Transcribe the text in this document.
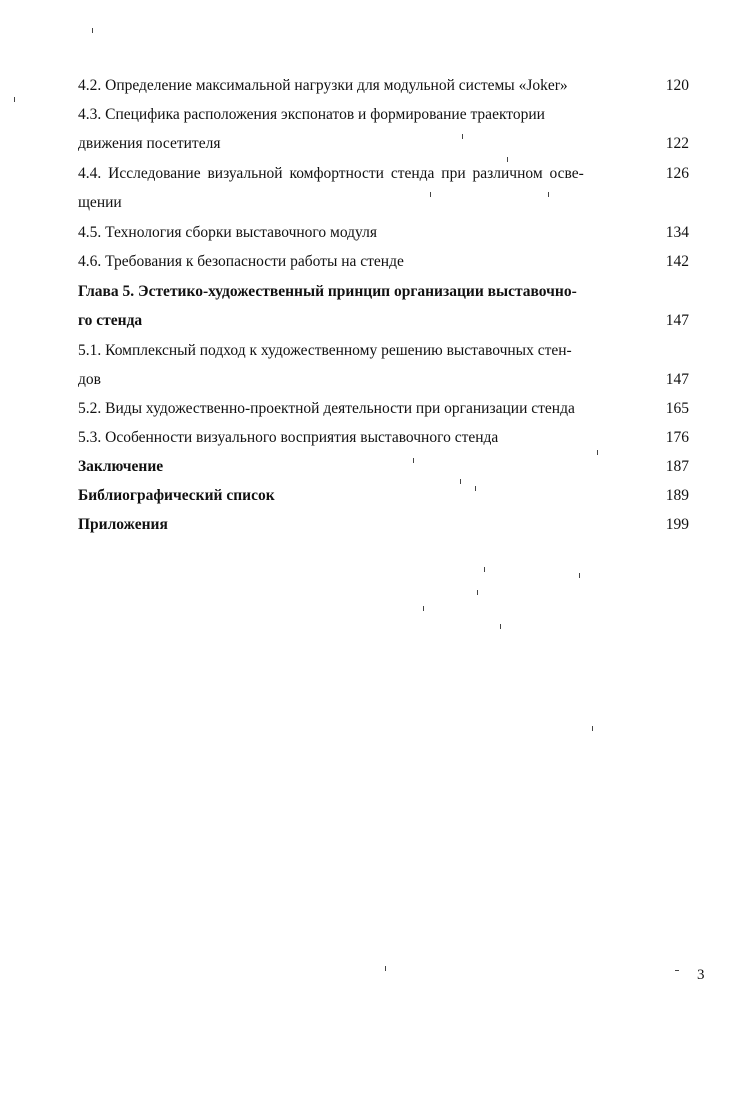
4.2. Определение максимальной нагрузки для модульной системы «Joker»	120
4.3. Специфика расположения экспонатов и формирование траектории
движения посетителя	122
4.4. Исследование визуальной комфортности стенда при различном осве-	126
щении
4.5. Технология сборки выставочного модуля	134
4.6. Требования к безопасности работы на стенде	142
Глава 5. Эстетико-художественный принцип организации выставочно-
го стенда	147
5.1. Комплексный подход к художественному решению выставочных стен-
дов	147
5.2. Виды художественно-проектной деятельности при организации стенда	165
5.3. Особенности визуального восприятия выставочного стенда	176
Заключение	187
Библиографический список	189
Приложения	199
3
